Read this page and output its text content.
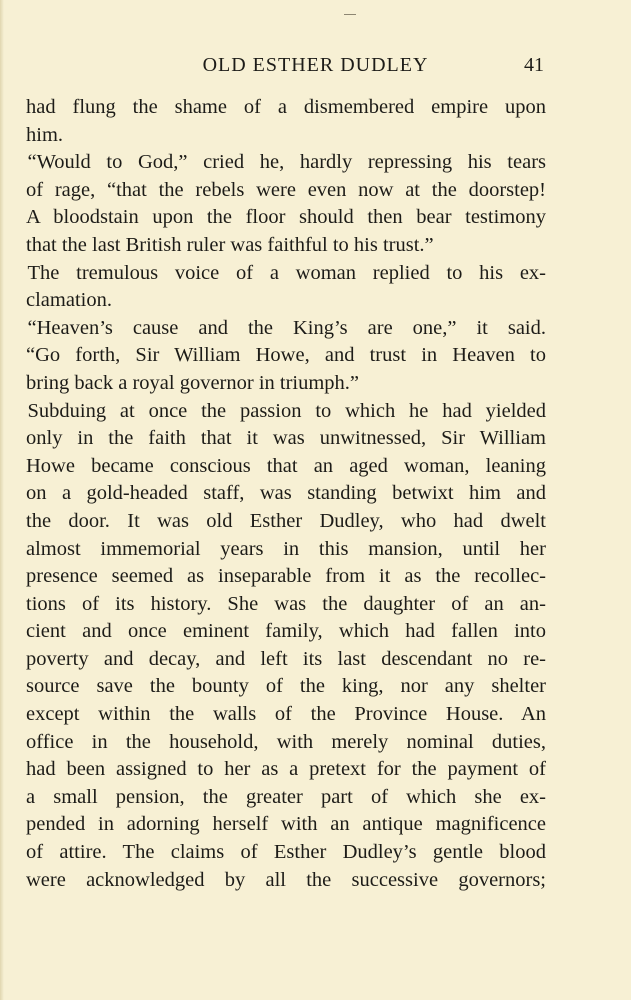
OLD ESTHER DUDLEY	41
had flung the shame of a dismembered empire upon
him.
“Would to God,” cried he, hardly repressing his tears
of rage, “that the rebels were even now at the doorstep!
A bloodstain upon the floor should then bear testimony
that the last British ruler was faithful to his trust.”
The tremulous voice of a woman replied to his ex-
clamation.
“Heaven’s cause and the King’s are one,” it said.
“Go forth, Sir William Howe, and trust in Heaven to
bring back a royal governor in triumph.”
Subduing at once the passion to which he had yielded
only in the faith that it was unwitnessed, Sir William
Howe became conscious that an aged woman, leaning
on a gold-headed staff, was standing betwixt him and
the door. It was old Esther Dudley, who had dwelt
almost immemorial years in this mansion, until her
presence seemed as inseparable from it as the recollec-
tions of its history. She was the daughter of an an-
cient and once eminent family, which had fallen into
poverty and decay, and left its last descendant no re-
source save the bounty of the king, nor any shelter
except within the walls of the Province House. An
office in the household, with merely nominal duties,
had been assigned to her as a pretext for the payment of
a small pension, the greater part of which she ex-
pended in adorning herself with an antique magnificence
of attire. The claims of Esther Dudley’s gentle blood
were acknowledged by all the successive governors;
